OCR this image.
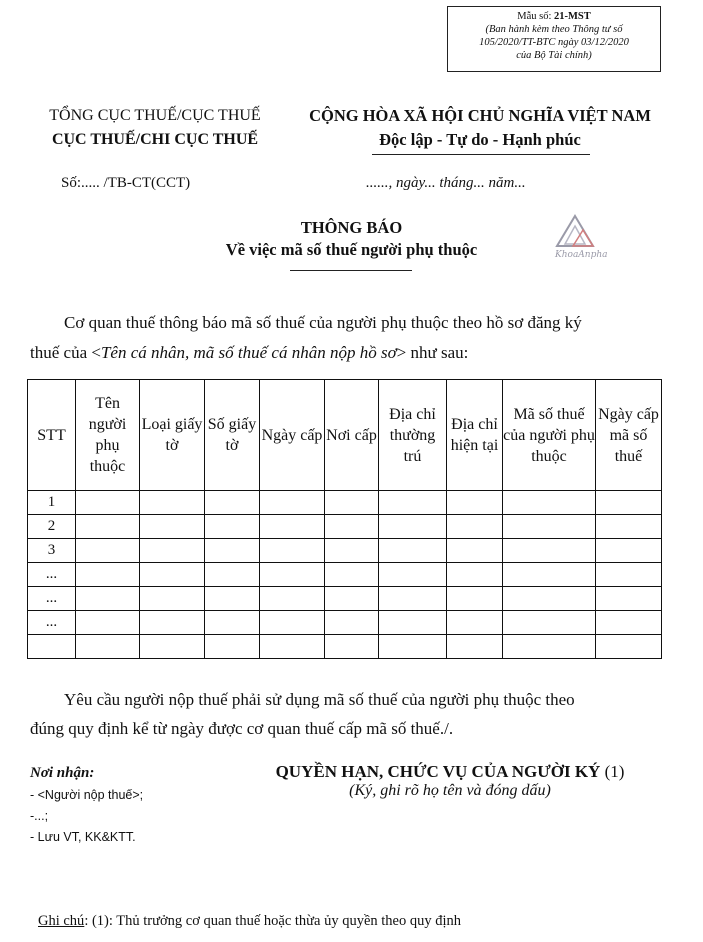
Mẫu số: 21-MST
(Ban hành kèm theo Thông tư số
105/2020/TT-BTC ngày 03/12/2020
của Bộ Tài chính)
TỔNG CỤC THUẾ/CỤC THUẾ
CỤC THUẾ/CHI CỤC THUẾ
CỘNG HÒA XÃ HỘI CHỦ NGHĨA VIỆT NAM
Độc lập - Tự do - Hạnh phúc
Số:..... /TB-CT(CCT)	......, ngày... tháng... năm...
THÔNG BÁO
Về việc mã số thuế người phụ thuộc	KhoaAnpha
Cơ quan thuế thông báo mã số thuế của người phụ thuộc theo hồ sơ đăng ký
thuế của <Tên cá nhân, mã số thuế cá nhân nộp hồ sơ> như sau:
STT	Tên người phụ thuộc	Loại giấy tờ	Số giấy tờ	Ngày cấp	Nơi cấp	Địa chỉ thường trú	Địa chỉ hiện tại	Mã số thuế của người phụ thuộc	Ngày cấp mã số thuế
1									
2									
3									
...									
...									
...									

Yêu cầu người nộp thuế phải sử dụng mã số thuế của người phụ thuộc theo
đúng quy định kể từ ngày được cơ quan thuế cấp mã số thuế./.
Nơi nhận:
- <Người nộp thuế>;
-...;
- Lưu VT, KK&KTT.
QUYỀN HẠN, CHỨC VỤ CỦA NGƯỜI KÝ (1)
(Ký, ghi rõ họ tên và đóng dấu)
Ghi chú: (1): Thủ trưởng cơ quan thuế hoặc thừa ủy quyền theo quy định
